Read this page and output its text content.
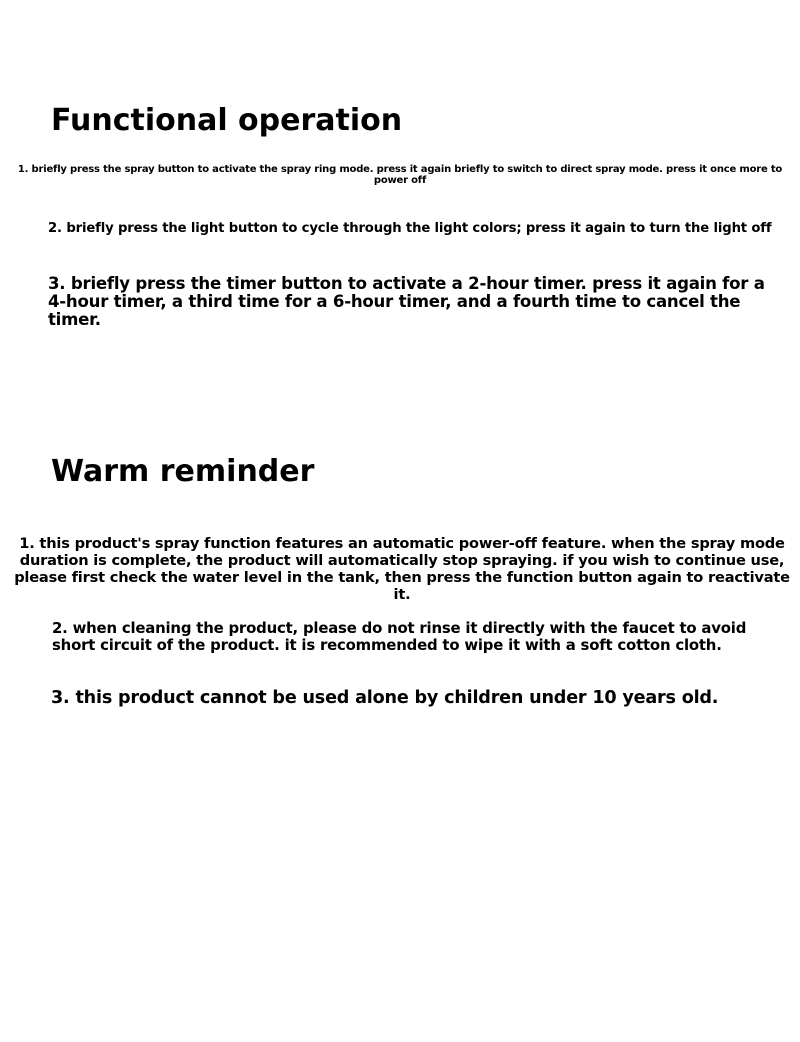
Functional operation

1. briefly press the spray button to activate the spray ring mode. press it again briefly to switch to direct spray mode. press it once more to power off

2. briefly press the light button to cycle through the light colors; press it again to turn the light off

3. briefly press the timer button to activate a 2-hour timer. press it again for a 4-hour timer, a third time for a 6-hour timer, and a fourth time to cancel the timer.

Warm reminder

1. this product's spray function features an automatic power-off feature. when the spray mode duration is complete, the product will automatically stop spraying. if you wish to continue use, please first check the water level in the tank, then press the function button again to reactivate it.

2. when cleaning the product, please do not rinse it directly with the faucet to avoid short circuit of the product. it is recommended to wipe it with a soft cotton cloth.

3. this product cannot be used alone by children under 10 years old.
